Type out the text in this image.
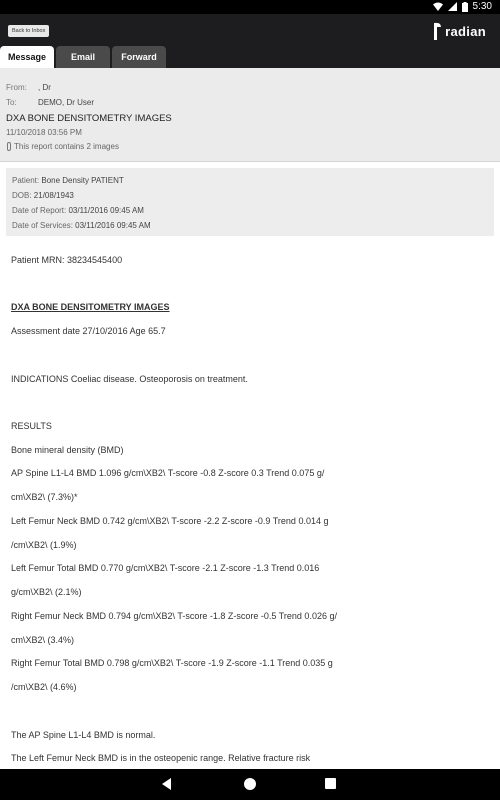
5:30
Back to Inbox	radian
Message	Email	Forward
From: , Dr
To:	DEMO, Dr User
DXA BONE DENSITOMETRY IMAGES
11/10/2018 03:56 PM
This report contains 2 images
Patient: Bone Density PATIENT
DOB: 21/08/1943
Date of Report: 03/11/2016 09:45 AM
Date of Services: 03/11/2016 09:45 AM
Patient MRN: 38234545400
DXA BONE DENSITOMETRY IMAGES
Assessment date 27/10/2016 Age 65.7
INDICATIONS Coeliac disease. Osteoporosis on treatment.
RESULTS
Bone mineral density (BMD)
AP Spine L1-L4 BMD 1.096 g/cm\XB2\ T-score -0.8 Z-score 0.3 Trend 0.075 g/
cm\XB2\ (7.3%)*
Left Femur Neck BMD 0.742 g/cm\XB2\ T-score -2.2 Z-score -0.9 Trend 0.014 g
/cm\XB2\ (1.9%)
Left Femur Total BMD 0.770 g/cm\XB2\ T-score -2.1 Z-score -1.3 Trend 0.016
g/cm\XB2\ (2.1%)
Right Femur Neck BMD 0.794 g/cm\XB2\ T-score -1.8 Z-score -0.5 Trend 0.026 g/
cm\XB2\ (3.4%)
Right Femur Total BMD 0.798 g/cm\XB2\ T-score -1.9 Z-score -1.1 Trend 0.035 g
/cm\XB2\ (4.6%)
The AP Spine L1-L4 BMD is normal.
The Left Femur Neck BMD is in the osteopenic range. Relative fracture risk
